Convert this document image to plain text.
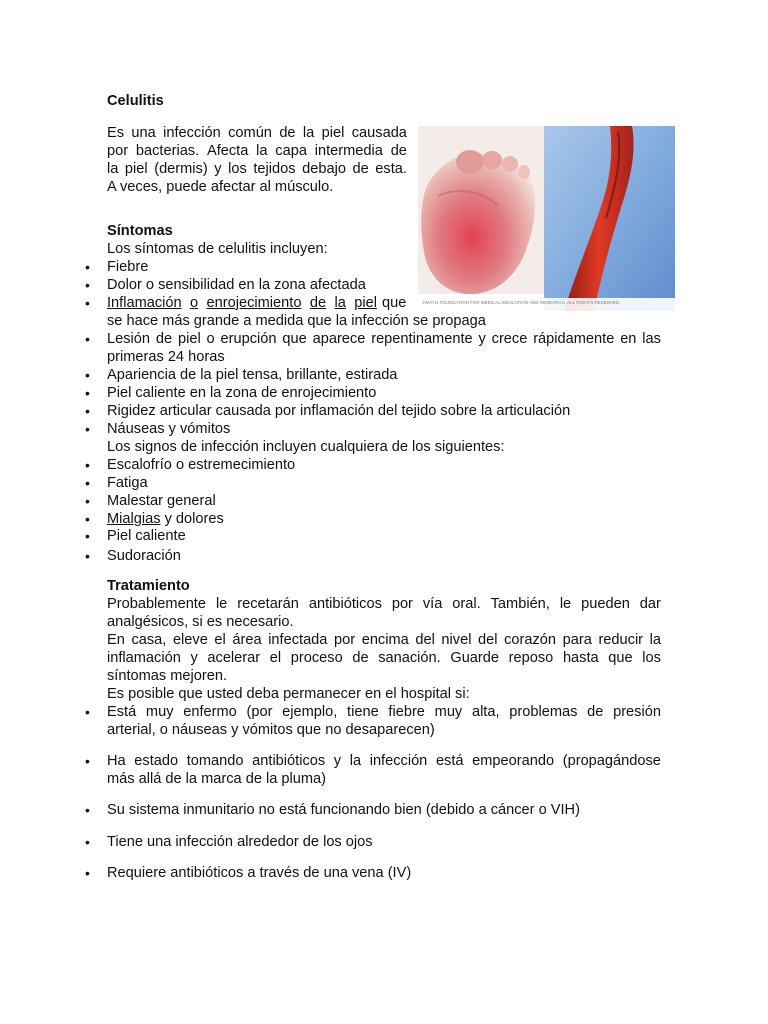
Celulitis
Es una infección común de la piel causada
por bacterias. Afecta la capa intermedia de
la piel (dermis) y los tejidos debajo de esta.
A veces, puede afectar al músculo.
©MAYO FOUNDATION FOR MEDICAL EDUCATION AND RESEARCH. ALL RIGHTS RESERVED.
Síntomas
Los síntomas de celulitis incluyen:
• Fiebre
• Dolor o sensibilidad en la zona afectada
• Inflamación o enrojecimiento de la piel que
se hace más grande a medida que la infección se propaga
• Lesión de piel o erupción que aparece repentinamente y crece rápidamente en las
primeras 24 horas
• Apariencia de la piel tensa, brillante, estirada
• Piel caliente en la zona de enrojecimiento
• Rigidez articular causada por inflamación del tejido sobre la articulación
• Náuseas y vómitos
Los signos de infección incluyen cualquiera de los siguientes:
• Escalofrío o estremecimiento
• Fatiga
• Malestar general
• Mialgias y dolores
• Piel caliente
• Sudoración
Tratamiento
Probablemente le recetarán antibióticos por vía oral. También, le pueden dar
analgésicos, si es necesario.
En casa, eleve el área infectada por encima del nivel del corazón para reducir la
inflamación y acelerar el proceso de sanación. Guarde reposo hasta que los
síntomas mejoren.
Es posible que usted deba permanecer en el hospital si:
• Está muy enfermo (por ejemplo, tiene fiebre muy alta, problemas de presión
arterial, o náuseas y vómitos que no desaparecen)
• Ha estado tomando antibióticos y la infección está empeorando (propagándose
más allá de la marca de la pluma)
• Su sistema inmunitario no está funcionando bien (debido a cáncer o VIH)
• Tiene una infección alrededor de los ojos
• Requiere antibióticos a través de una vena (IV)
